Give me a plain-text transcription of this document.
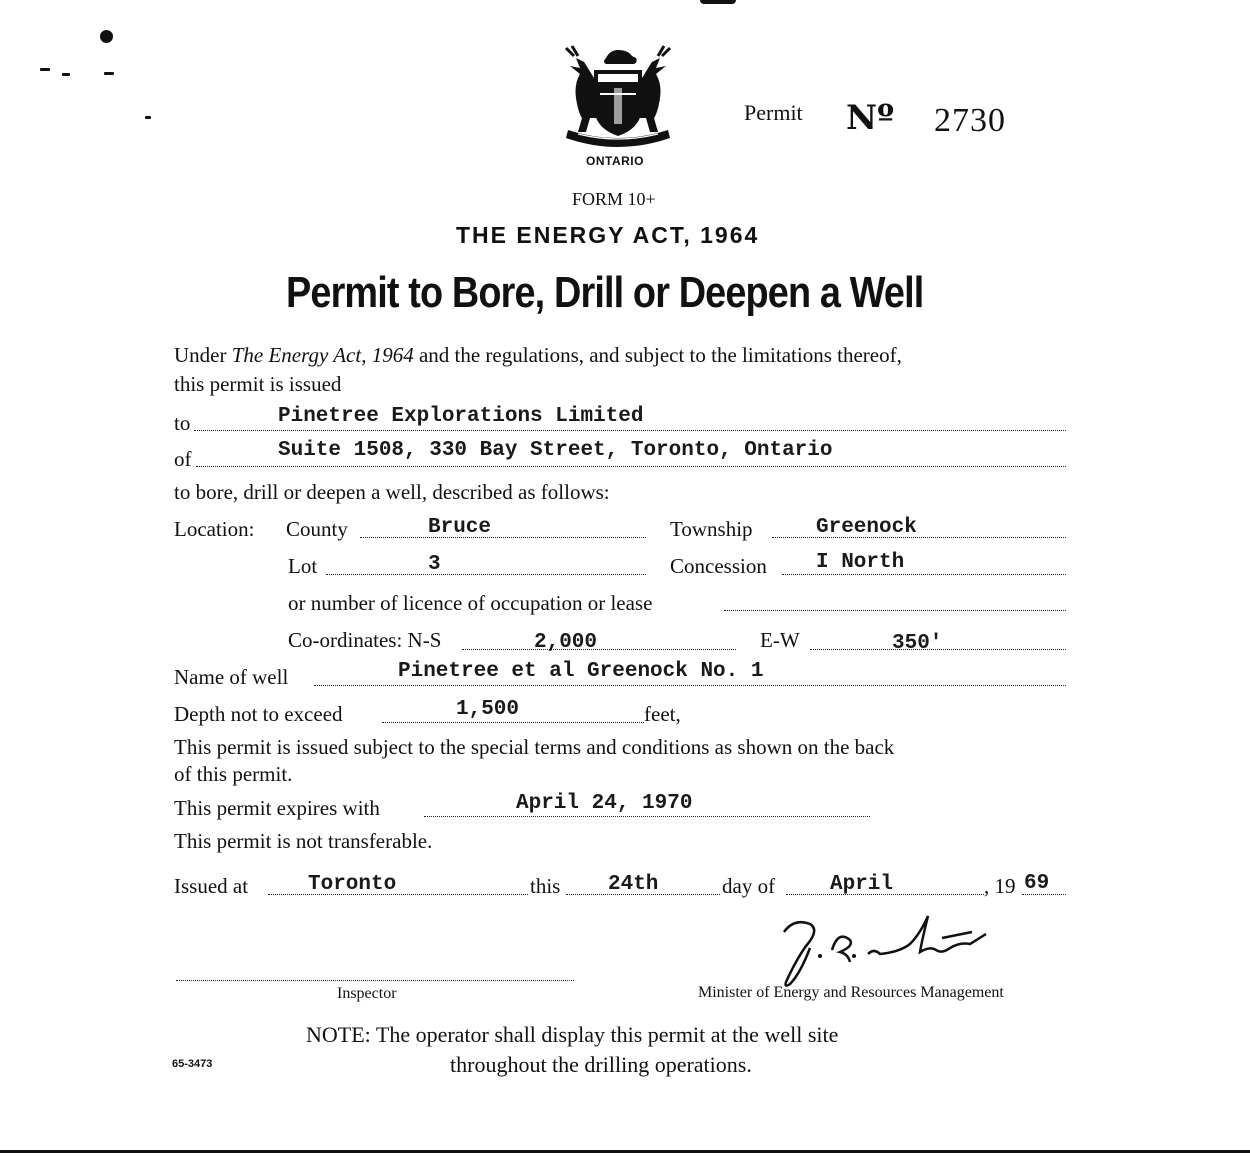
ONTARIO
Permit Nº 2730
FORM 10+
THE ENERGY ACT, 1964
Permit to Bore, Drill or Deepen a Well
Under The Energy Act, 1964 and the regulations, and subject to the limitations thereof,
this permit is issued
to	Pinetree Explorations Limited
of	Suite 1508, 330 Bay Street, Toronto, Ontario
to bore, drill or deepen a well, described as follows:
Location: County	Bruce	Township	Greenock
Lot	3	Concession I North
or number of licence of occupation or lease
Co-ordinates: N-S	2,000	E-W	350'
Name of well	Pinetree et al Greenock No. 1
Depth not to exceed	1,500	feet,
This permit is issued subject to the special terms and conditions as shown on the back
of this permit.
This permit expires with	April 24, 1970
This permit is not transferable.
Issued at	Toronto	this 24th	day of	April	, 19 69
Inspector	Minister of Energy and Resources Management
NOTE: The operator shall display this permit at the well site
throughout the drilling operations.
65-3473
